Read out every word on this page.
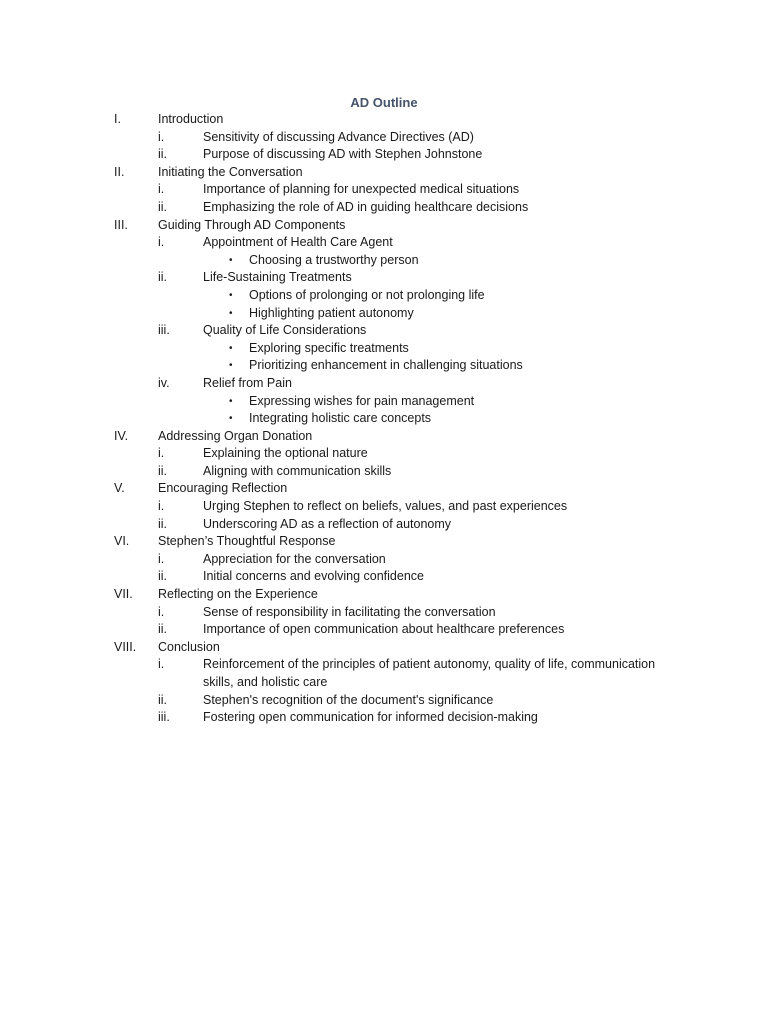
AD Outline
I.	Introduction
i.	Sensitivity of discussing Advance Directives (AD)
ii.	Purpose of discussing AD with Stephen Johnstone
II.	Initiating the Conversation
i.	Importance of planning for unexpected medical situations
ii.	Emphasizing the role of AD in guiding healthcare decisions
III. Guiding Through AD Components
i.	Appointment of Health Care Agent
• Choosing a trustworthy person
ii.	Life-Sustaining Treatments
• Options of prolonging or not prolonging life
• Highlighting patient autonomy
iii.	Quality of Life Considerations
• Exploring specific treatments
• Prioritizing enhancement in challenging situations
iv.	Relief from Pain
• Expressing wishes for pain management
• Integrating holistic care concepts
IV. Addressing Organ Donation
i.	Explaining the optional nature
ii.	Aligning with communication skills
V.	Encouraging Reflection
i.	Urging Stephen to reflect on beliefs, values, and past experiences
ii.	Underscoring AD as a reflection of autonomy
VI. Stephen’s Thoughtful Response
i.	Appreciation for the conversation
ii.	Initial concerns and evolving confidence
VII. Reflecting on the Experience
i.	Sense of responsibility in facilitating the conversation
ii.	Importance of open communication about healthcare preferences
VIII. Conclusion
i.	Reinforcement of the principles of patient autonomy, quality of life, communication skills, and holistic care
ii.	Stephen's recognition of the document's significance
iii.	Fostering open communication for informed decision-making
